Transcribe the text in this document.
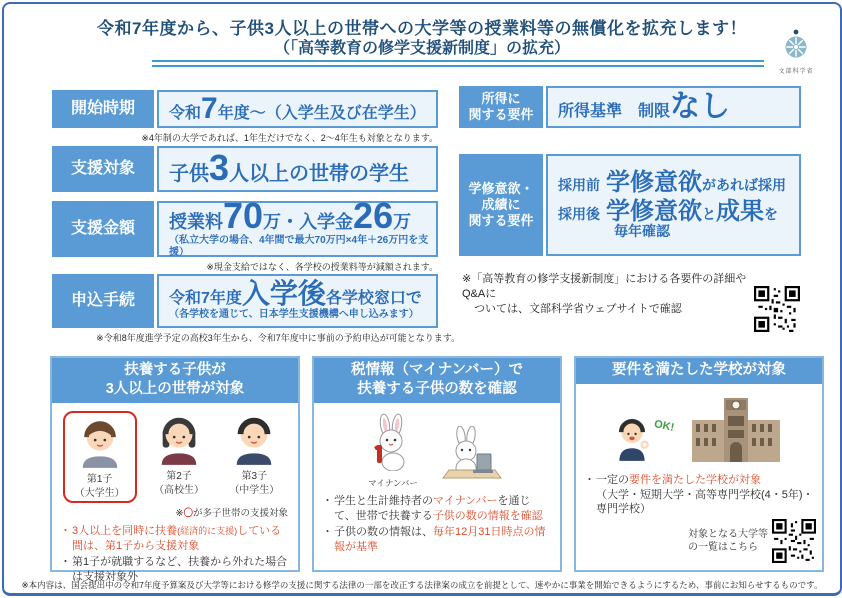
令和7年度から、子供3人以上の世帯への大学等の授業料等の無償化を拡充します！
（「高等教育の修学支援新制度」の拡充）
文部科学省
開始時期	令和7年度～（入学生及び在学生）
※4年制の大学であれば、1年生だけでなく、2～4年生も対象となります。
支援対象	子供3人以上の世帯の学生
支援金額	授業料70万・入学金26万
（私立大学の場合、4年間で最大70万円×4年＋26万円を支援）
※現金支給ではなく、各学校の授業料等が減額されます。
申込手続	令和7年度入学後各学校窓口で
（各学校を通じて、日本学生支援機構へ申し込みます）
※令和8年度進学予定の高校3年生から、令和7年度中に事前の予約申込が可能となります。
所得に
関する要件 所得基準　制限なし
学修意欲・
成績に
関する要件
採用前 学修意欲があれば採用
採用後 学修意欲と成果を
毎年確認
※「高等教育の修学支援新制度」における各要件の詳細やQ&Aに
ついては、文部科学省ウェブサイトで確認
扶養する子供が
3人以上の世帯が対象
第1子
（大学生）
第2子
（高校生）
第3子
（中学生）
※〇が多子世帯の支援対象
・ 3人以上を同時に扶養(経済的に支援)している間は、第1子から支援対象
・ 第1子が就職するなど、扶養から外れた場合は支援対象外
税情報（マイナンバー）で
扶養する子供の数を確認
マイナンバー
・ 学生と生計維持者のマイナンバーを通じて、世帯で扶養する子供の数の情報を確認
・ 子供の数の情報は、毎年12月31日時点の情報が基準
要件を満たした学校が対象
OK!
・ 一定の要件を満たした学校が対象
（大学・短期大学・高等専門学校(4・5年)・専門学校）
対象となる大学等
の一覧はこちら
※本内容は、国会提出中の令和7年度予算案及び大学等における修学の支援に関する法律の一部を改正する法律案の成立を前提として、速やかに事業を開始できるようにするため、事前にお知らせするものです。
